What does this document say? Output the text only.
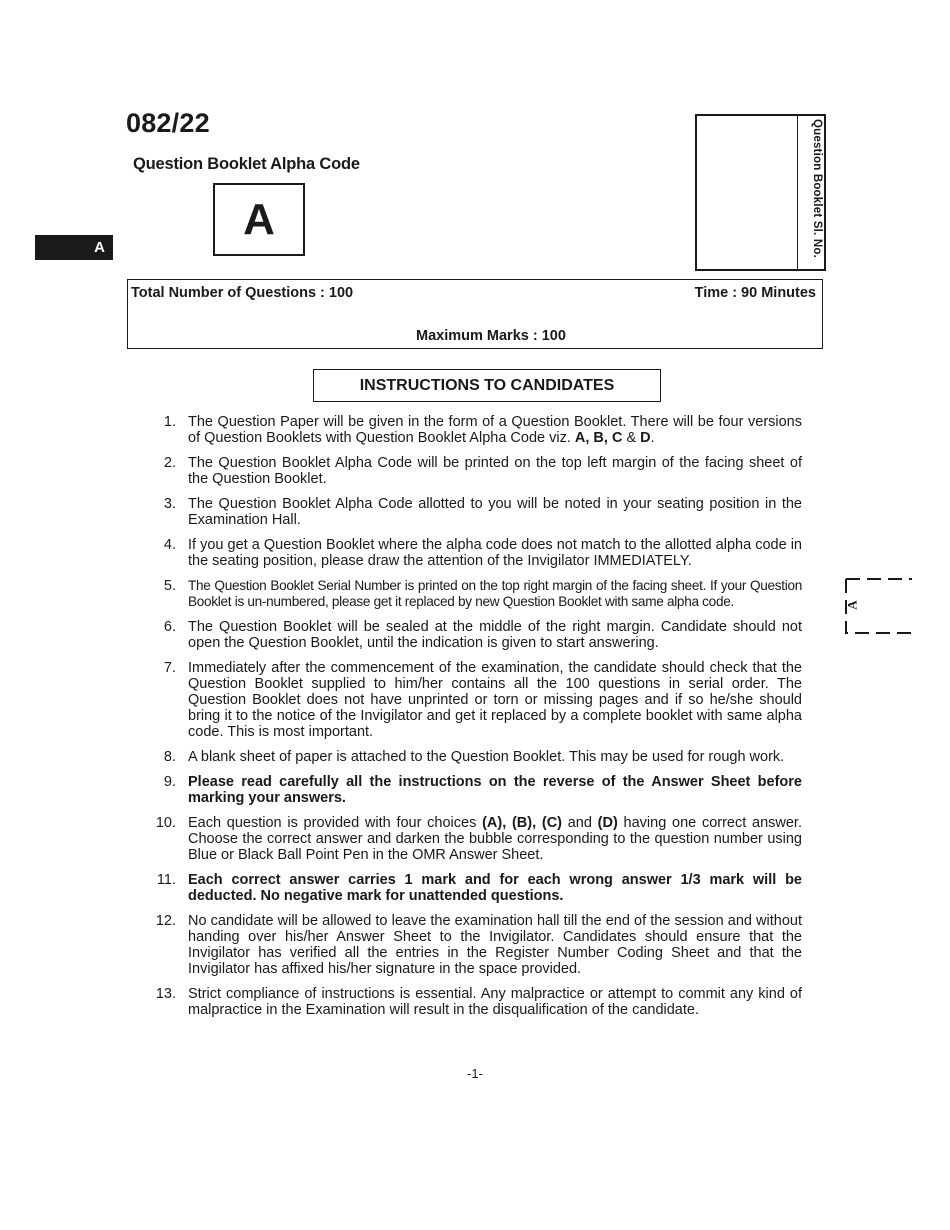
082/22
Question Booklet Alpha Code
A
A	Question Booklet Sl. No.
Total Number of Questions : 100	Time : 90 Minutes
Maximum Marks : 100
INSTRUCTIONS TO CANDIDATES
1. The Question Paper will be given in the form of a Question Booklet. There will be four versions of Question Booklets with Question Booklet Alpha Code viz. A, B, C & D.
2. The Question Booklet Alpha Code will be printed on the top left margin of the facing sheet of the Question Booklet.
3. The Question Booklet Alpha Code allotted to you will be noted in your seating position in the Examination Hall.
4. If you get a Question Booklet where the alpha code does not match to the allotted alpha code in the seating position, please draw the attention of the Invigilator IMMEDIATELY.
5. The Question Booklet Serial Number is printed on the top right margin of the facing sheet. If your Question Booklet is un-numbered, please get it replaced by new Question Booklet with same alpha code.
6. The Question Booklet will be sealed at the middle of the right margin. Candidate should not open the Question Booklet, until the indication is given to start answering.
7. Immediately after the commencement of the examination, the candidate should check that the Question Booklet supplied to him/her contains all the 100 questions in serial order. The Question Booklet does not have unprinted or torn or missing pages and if so he/she should bring it to the notice of the Invigilator and get it replaced by a complete booklet with same alpha code. This is most important.
8. A blank sheet of paper is attached to the Question Booklet. This may be used for rough work.
9. Please read carefully all the instructions on the reverse of the Answer Sheet before marking your answers.
10. Each question is provided with four choices (A), (B), (C) and (D) having one correct answer. Choose the correct answer and darken the bubble corresponding to the question number using Blue or Black Ball Point Pen in the OMR Answer Sheet.
11. Each correct answer carries 1 mark and for each wrong answer 1/3 mark will be deducted. No negative mark for unattended questions.
12. No candidate will be allowed to leave the examination hall till the end of the session and without handing over his/her Answer Sheet to the Invigilator. Candidates should ensure that the Invigilator has verified all the entries in the Register Number Coding Sheet and that the Invigilator has affixed his/her signature in the space provided.
13. Strict compliance of instructions is essential. Any malpractice or attempt to commit any kind of malpractice in the Examination will result in the disqualification of the candidate.
-1-
A
